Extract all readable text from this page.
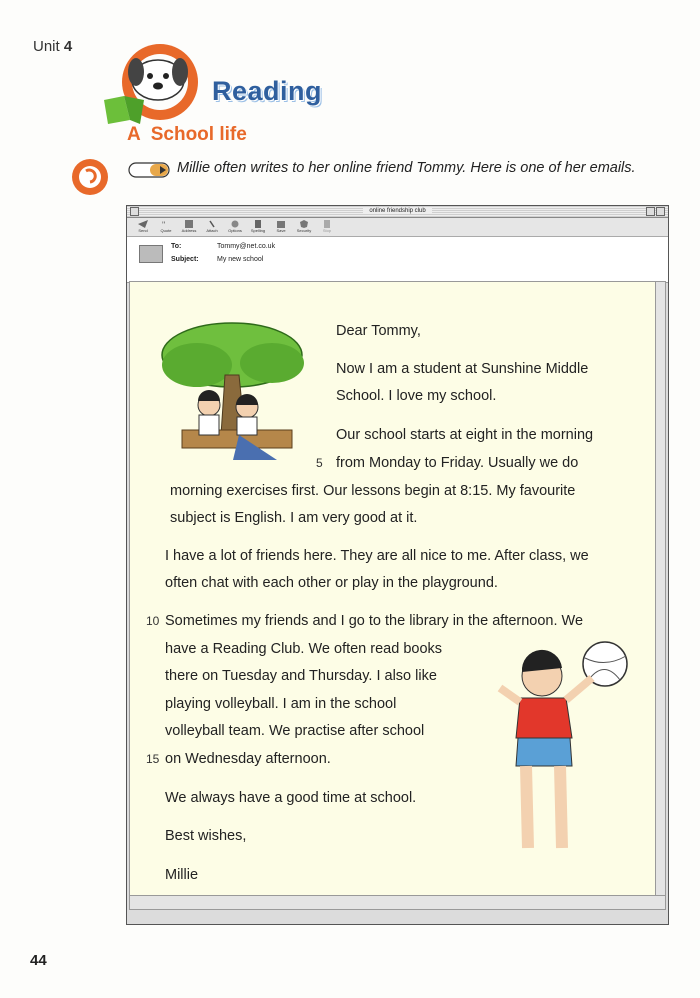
Unit 4
Reading
A School life
Millie often writes to her online friend Tommy. Here is one of her emails.
online friendship club
Send
"
Quote	Address Attach	Options Spelling	Save	Security	Stop
To:	Tommy@net.co.uk
Subject:	My new school
Dear Tommy,
Now I am a student at Sunshine Middle
School. I love my school.
Our school starts at eight in the morning
5 from Monday to Friday. Usually we do
morning exercises first. Our lessons begin at 8:15. My favourite
subject is English. I am very good at it.
I have a lot of friends here. They are all nice to me. After class, we
often chat with each other or play in the playground.
10 Sometimes my friends and I go to the library in the afternoon. We
have a Reading Club. We often read books
there on Tuesday and Thursday. I also like
playing volleyball. I am in the school
volleyball team. We practise after school
15 on Wednesday afternoon.
We always have a good time at school.
Best wishes,
Millie
44
